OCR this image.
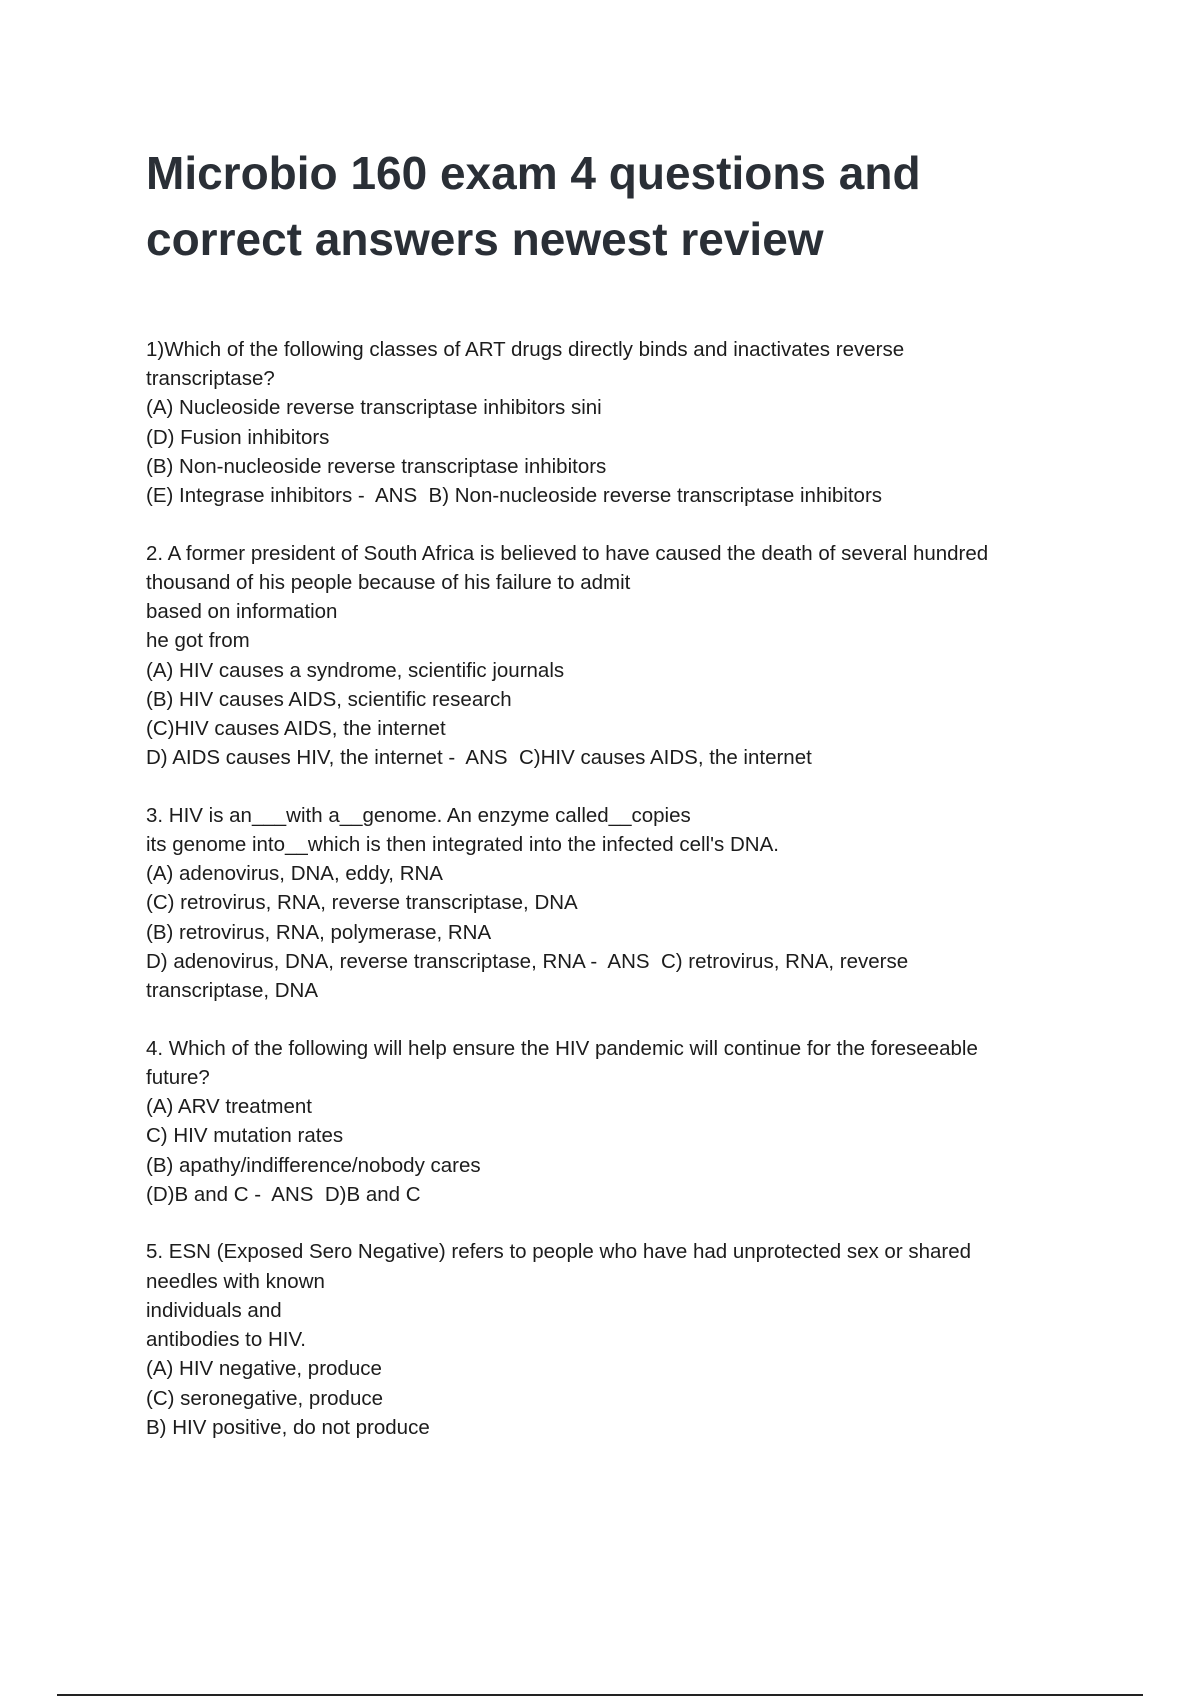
Microbio 160 exam 4 questions and
correct answers newest review
1)Which of the following classes of ART drugs directly binds and inactivates reverse
transcriptase?
(A) Nucleoside reverse transcriptase inhibitors sini
(D) Fusion inhibitors
(B) Non-nucleoside reverse transcriptase inhibitors
(E) Integrase inhibitors -  ANS  B) Non-nucleoside reverse transcriptase inhibitors
2. A former president of South Africa is believed to have caused the death of several hundred
thousand of his people because of his failure to admit
based on information
he got from
(A) HIV causes a syndrome, scientific journals
(B) HIV causes AIDS, scientific research
(C)HIV causes AIDS, the internet
D) AIDS causes HIV, the internet -  ANS  C)HIV causes AIDS, the internet
3. HIV is an___with a__genome. An enzyme called__copies
its genome into__which is then integrated into the infected cell's DNA.
(A) adenovirus, DNA, eddy, RNA
(C) retrovirus, RNA, reverse transcriptase, DNA
(B) retrovirus, RNA, polymerase, RNA
D) adenovirus, DNA, reverse transcriptase, RNA -  ANS  C) retrovirus, RNA, reverse
transcriptase, DNA
4. Which of the following will help ensure the HIV pandemic will continue for the foreseeable
future?
(A) ARV treatment
C) HIV mutation rates
(B) apathy/indifference/nobody cares
(D)B and C -  ANS  D)B and C
5. ESN (Exposed Sero Negative) refers to people who have had unprotected sex or shared
needles with known
individuals and
antibodies to HIV.
(A) HIV negative, produce
(C) seronegative, produce
B) HIV positive, do not produce
